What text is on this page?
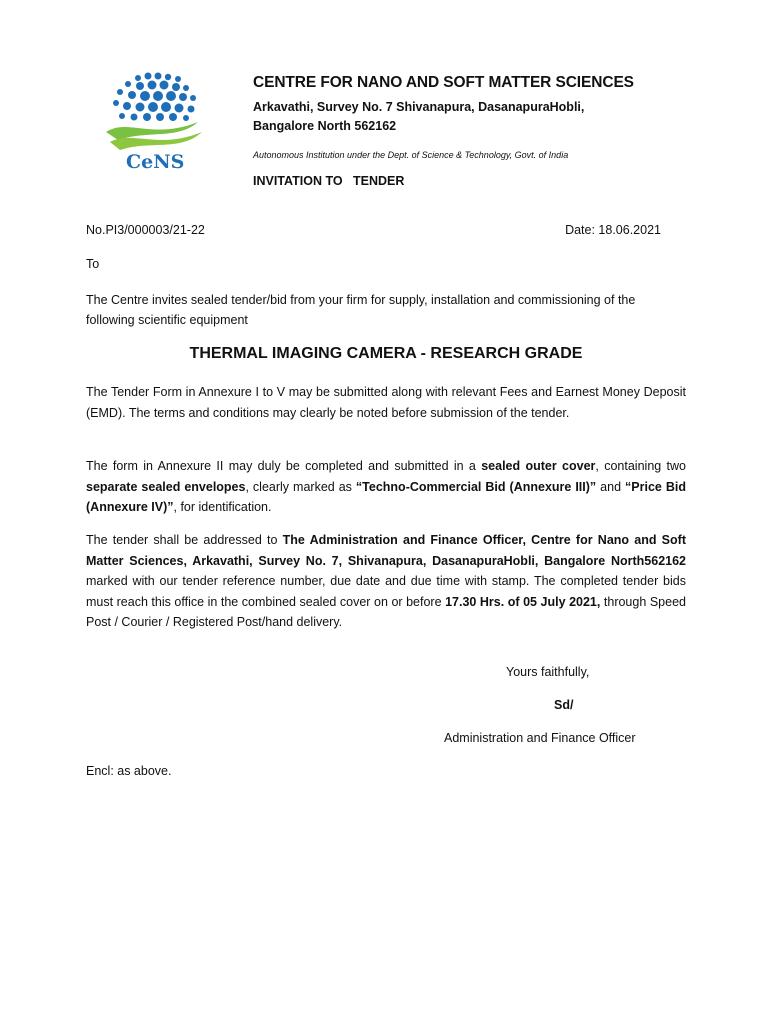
CeNS
CENTRE FOR NANO AND SOFT MATTER SCIENCES
Arkavathi, Survey No. 7 Shivanapura, DasanapuraHobli,
Bangalore North 562162
Autonomous Institution under the Dept. of Science & Technology, Govt. of India
INVITATION TO   TENDER
No.PI3/000003/21-22	Date: 18.06.2021
To

The Centre invites sealed tender/bid from your firm for supply, installation and commissioning of the following scientific equipment

THERMAL IMAGING CAMERA - RESEARCH GRADE

The Tender Form in Annexure I to V may be submitted along with relevant Fees and Earnest Money Deposit (EMD). The terms and conditions may clearly be noted before submission of the tender.

The form in Annexure II may duly be completed and submitted in a sealed outer cover, containing two separate sealed envelopes, clearly marked as “Techno-Commercial Bid (Annexure III)” and “Price Bid (Annexure IV)”, for identification.

The tender shall be addressed to The Administration and Finance Officer, Centre for Nano and Soft Matter Sciences, Arkavathi, Survey No. 7, Shivanapura, DasanapuraHobli, Bangalore North562162 marked with our tender reference number, due date and due time with stamp. The completed tender bids must reach this office in the combined sealed cover on or before 17.30 Hrs. of 05 July 2021, through Speed Post / Courier / Registered Post/hand delivery.

Yours faithfully,
Sd/
Administration and Finance Officer
Encl: as above.
